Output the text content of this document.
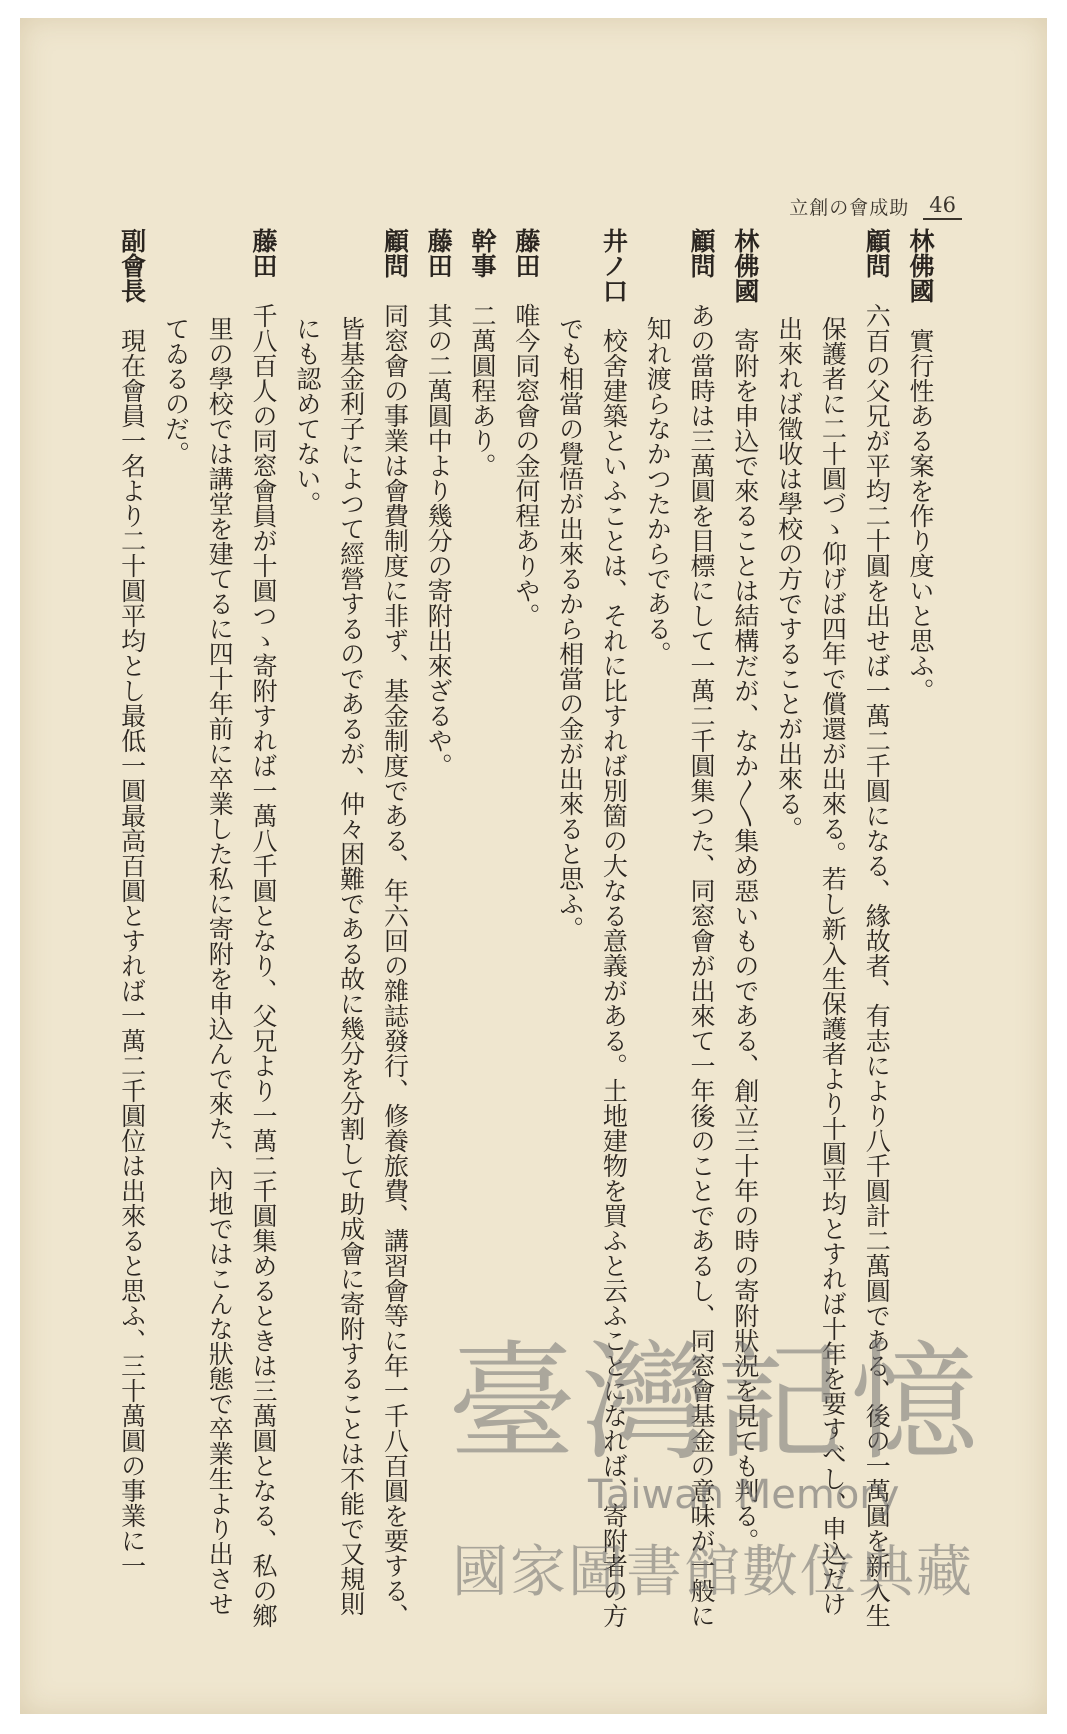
立創の會成助 46

林佛國　實行性ある案を作り度いと思ふ。

顧問　六百の父兄が平均二十圓を出せば一萬二千圓になる、緣故者、有志により八千圓計二萬圓である、後の一萬圓を新入生保護者に二十圓づゝ仰げば四年で償還が出來る。若し新入生保護者より十圓平均とすれば十年を要すべし、申込だけ出來れば徵收は學校の方ですることが出來る。

林佛國　寄附を申込で來ることは結構だが、なか〳〵集め惡いものである、創立三十年の時の寄附狀況を見ても判る。

顧問　あの當時は三萬圓を目標にして一萬二千圓集つた、同窓會が出來て一年後のことであるし、同窓會基金の意味が一般に知れ渡らなかつたからである。

井ノ口　校舍建築といふことは、それに比すれば別箇の大なる意義がある。土地建物を買ふと云ふことになれば、寄附者の方でも相當の覺悟が出來るから相當の金が出來ると思ふ。

藤田　唯今同窓會の金何程ありや。

幹事　二萬圓程あり。

藤田　其の二萬圓中より幾分の寄附出來ざるや。

顧問　同窓會の事業は會費制度に非ず、基金制度である、年六回の雜誌發行、修養旅費、講習會等に年一千八百圓を要する、皆基金利子によつて經營するのであるが、仲々困難である故に幾分を分割して助成會に寄附することは不能で又規則にも認めてない。

藤田　千八百人の同窓會員が十圓つゝ寄附すれば一萬八千圓となり、父兄より一萬二千圓集めるときは三萬圓となる、私の鄉里の學校では講堂を建てるに四十年前に卒業した私に寄附を申込んで來た、內地ではこんな狀態で卒業生より出させてゐるのだ。

副會長　現在會員一名より二十圓平均とし最低一圓最高百圓とすれば一萬二千圓位は出來ると思ふ、三十萬圓の事業に一 臺灣記憶
Taiwan Memory
國家圖書館數位典藏
